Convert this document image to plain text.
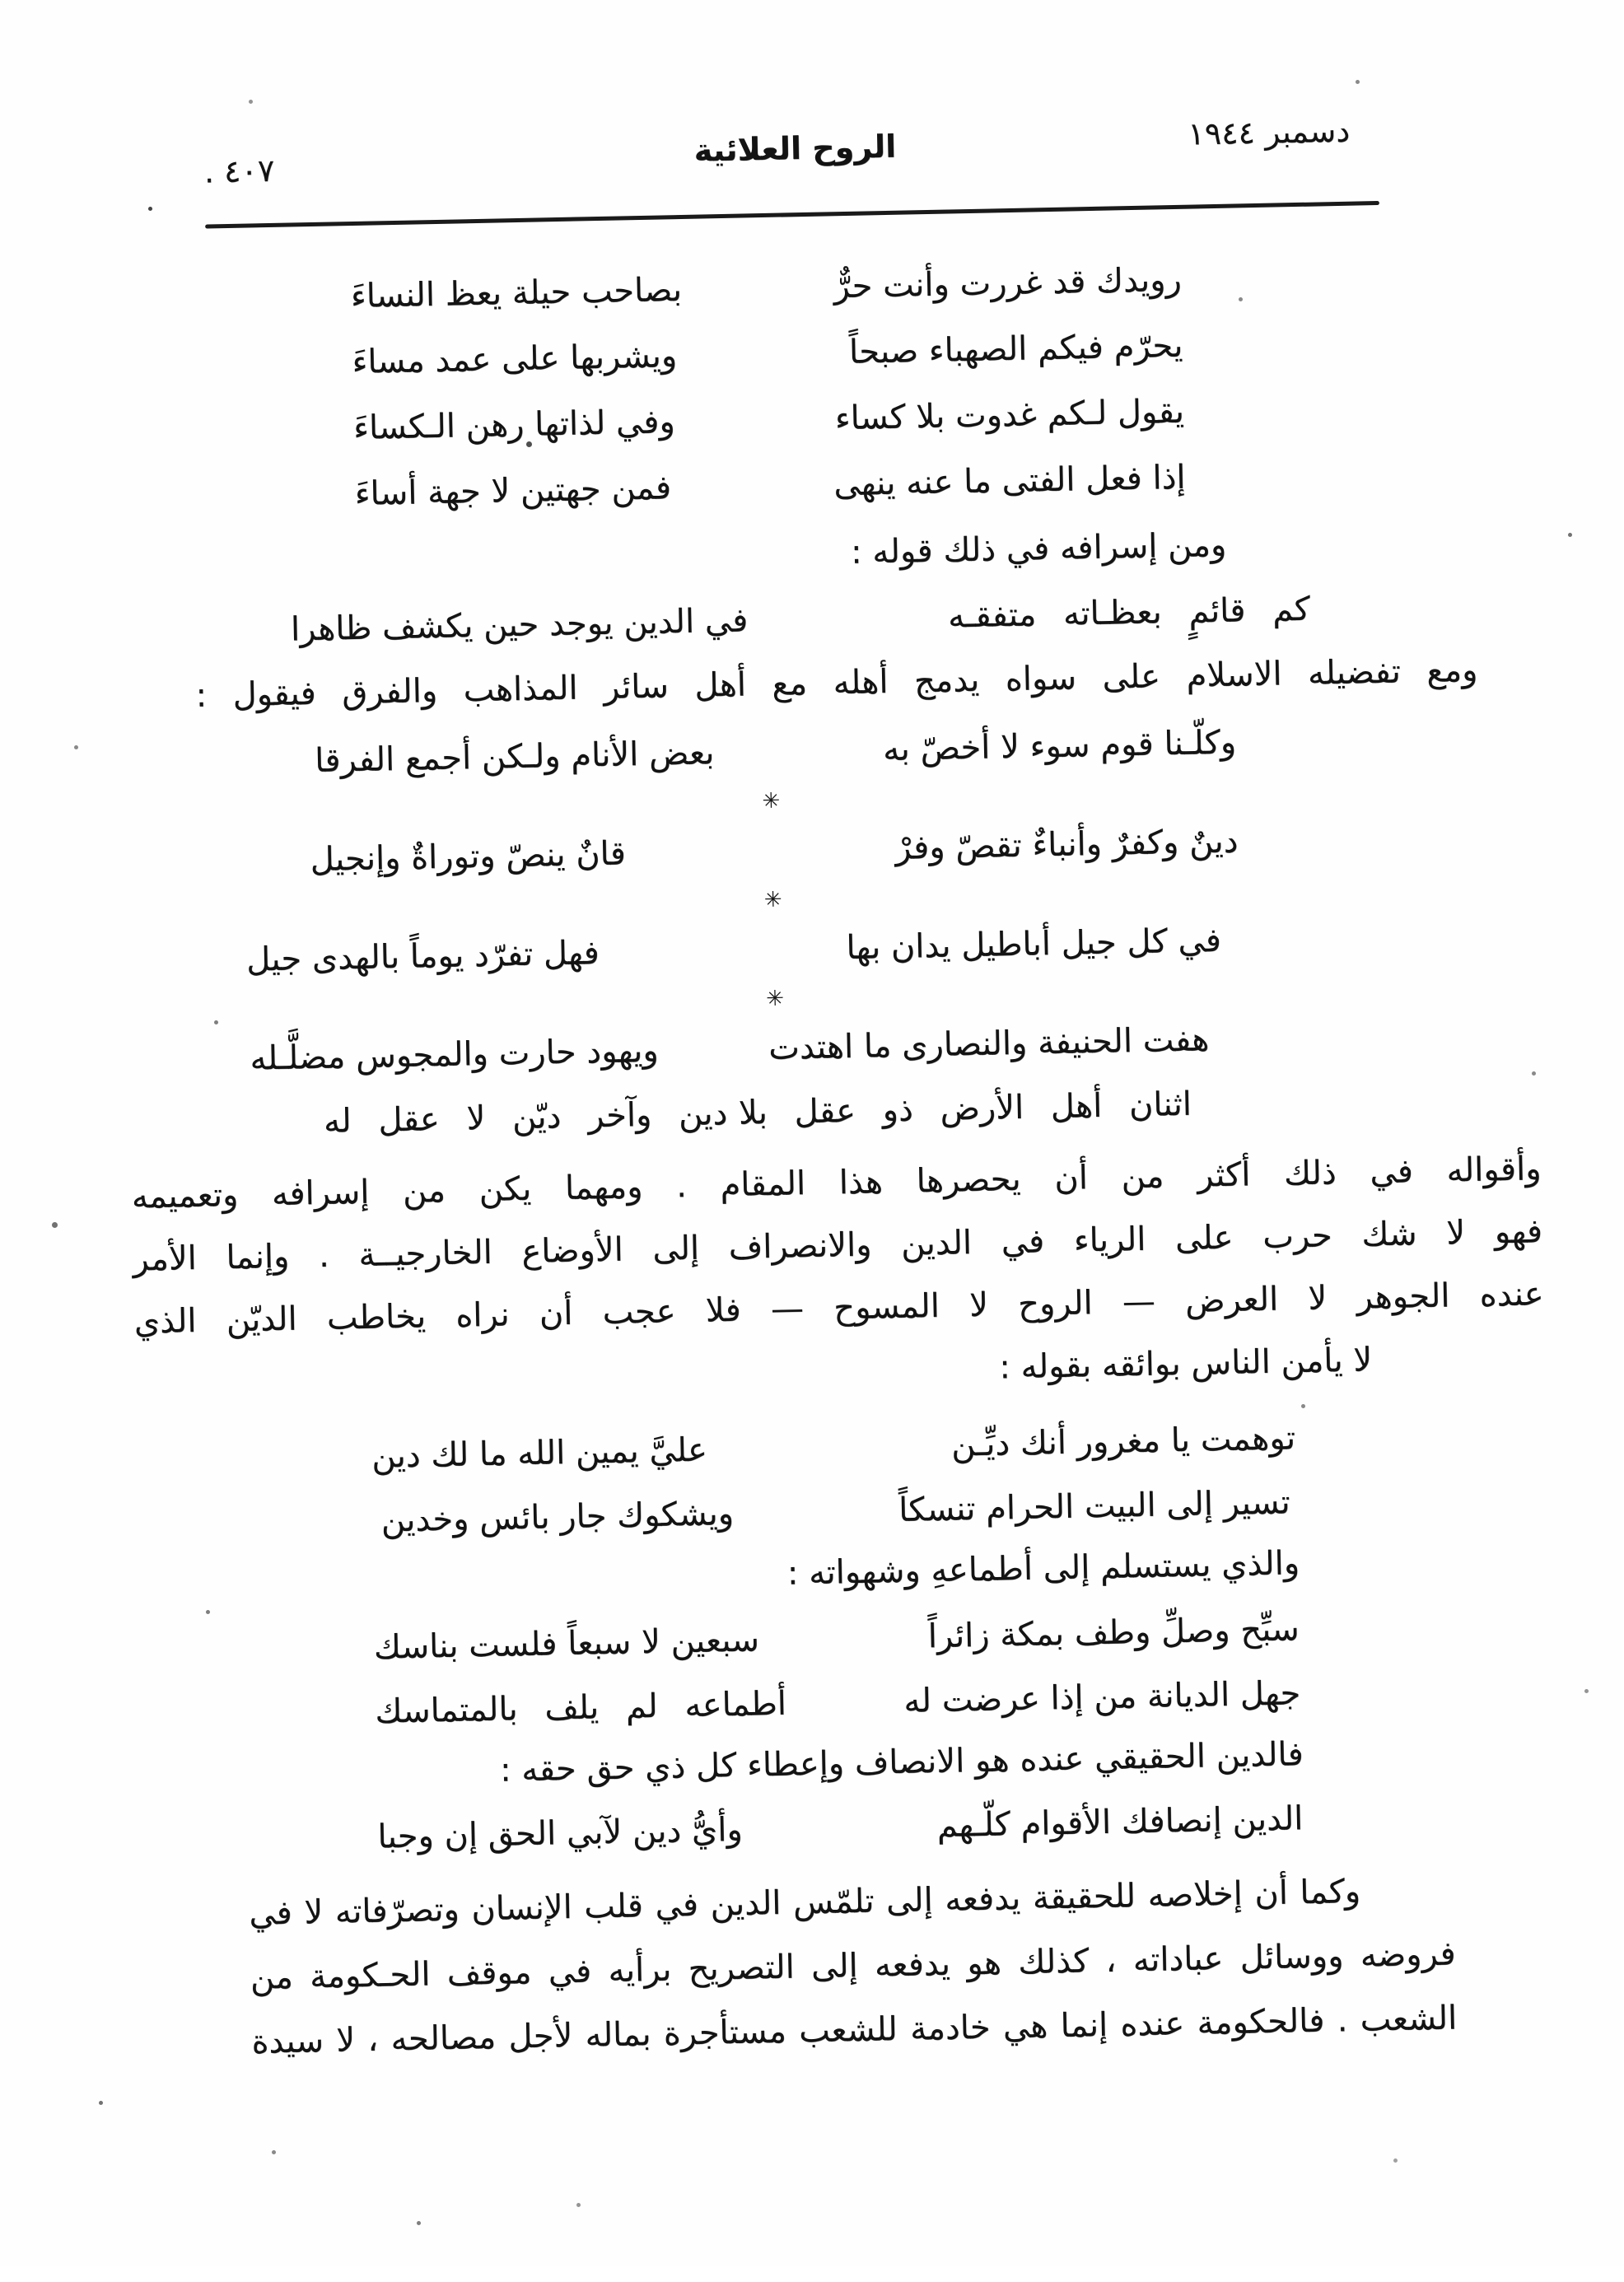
دسمبر ١٩٤٤
الروح العلائية
٤٠٧ .
رويدك قد غررت وأنت حرٌّ
بصاحب حيلة يعظ النساءَ
يحرّم فيكم الصهباء صبحاً
ويشربها على عمد مساءَ
يقول لـكم غدوت بلا كساء
وفي لذاتها رهن الـكساءَ
إذا فعل الفتى ما عنه ينهى
فمن جهتين لا جهة أساءَ

ومن إسرافه في ذلك قوله :

كم قائمٍ بعظـاته متفقـه
في الدين يوجد حين يكشف ظاهرا

ومع تفضيله الاسلام على سواه يدمج أهله مع أهل سائر المذاهب والفرق فيقول :

وكلّـنا قوم سوء لا أخصّ به
بعض الأنام ولـكن أجمع الفرقا
✳
دينٌ وكفرٌ وأنباءٌ تقصّ وفرْ
قانٌ ينصّ وتوراةٌ وإنجيل
✳
في كل جيل أباطيل يدان بها
فهل تفرّد يوماً بالهدى جيل
✳
هفت الحنيفة والنصارى ما اهتدت
ويهود حارت والمجوس مضلَّـله
اثنان أهل الأرض ذو عقل بلا
دين وآخر ديّن لا عقل له
وأقواله في ذلك أكثر من أن يحصرها هذا المقام . ومهما يكن من إسرافه وتعميمه
فهو لا شك حرب على الرياء في الدين والانصراف إلى الأوضاع الخارجيــة . وإنما الأمر
عنده الجوهر لا العرض — الروح لا المسوح — فلا عجب أن نراه يخاطب الديّن الذي
لا يأمن الناس بوائقه بقوله :
توهمت يا مغرور أنك ديِّـن
عليَّ يمين الله ما لك دين
تسير إلى البيت الحرام تنسكاً
ويشكوك جار بائس وخدين

والذي يستسلم إلى أطماعهِ وشهواته :

سبِّح وصلِّ وطف بمكة زائراً
سبعين لا سبعاً فلست بناسك
جهل الديانة من إذا عرضت له
أطماعه لم يلف بالمتماسك

فالدين الحقيقي عنده هو الانصاف وإعطاء كل ذي حق حقه :

الدين إنصافك الأقوام كلّـهم
وأيُّ دين لآبي الحق إن وجبا
وكما أن إخلاصه للحقيقة يدفعه إلى تلمّس الدين في قلب الإنسان وتصرّفاته لا في
فروضه ووسائل عباداته ، كذلك هو يدفعه إلى التصريح برأيه في موقف الحـكومة من
الشعب . فالحكومة عنده إنما هي خادمة للشعب مستأجرة بماله لأجل مصالحه ، لا سيدة
